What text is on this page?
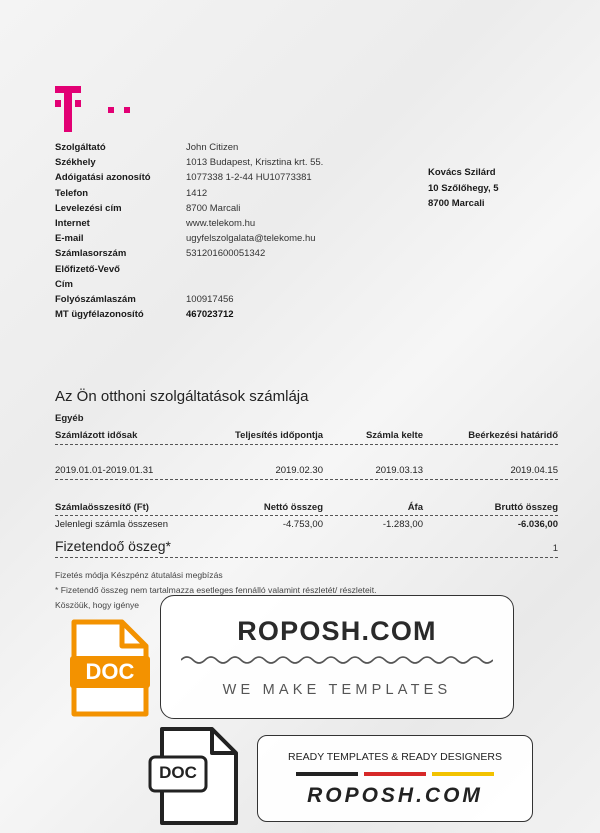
Szolgáltató	John Citizen
Székhely	1013 Budapest, Krisztina krt. 55.
Adóigatási azonosító	1077338 1-2-44 HU10773381
Telefon	1412
Levelezési cím	8700 Marcali
Internet	www.telekom.hu
E-mail	ugyfelszolgalata@telekome.hu
Számlasorszám	531201600051342
Előfizető-Vevő
Cím
Folyószámlaszám	100917456
MT ügyfélazonosító	467023712
Kovács Szilárd
10 Szőlőhegy, 5
8700 Marcali
Az Ön otthoni szolgáltatások számlája
Egyéb
Számlázott idősak	Teljesítés időpontja	Számla kelte	Beérkezési határidő
2019.01.01-2019.01.31	2019.02.30	2019.03.13	2019.04.15
Számlaösszesítő (Ft)	Nettó összeg	Áfa	Bruttó összeg
Jelenlegi számla összesen	-4.753,00	-1.283,00	-6.036,00
Fizetendoő öszeg*	1
Fizetés módja Készpénz átutalási megbízás
* Fizetendő összeg nem tartalmazza esetleges fennálló valamint részletét/ részleteit.
Köszöük, hogy igénye
ROPOSH.COM
WE MAKE TEMPLATES
DOC
DOC
READY TEMPLATES & READY DESIGNERS
ROPOSH.COM
